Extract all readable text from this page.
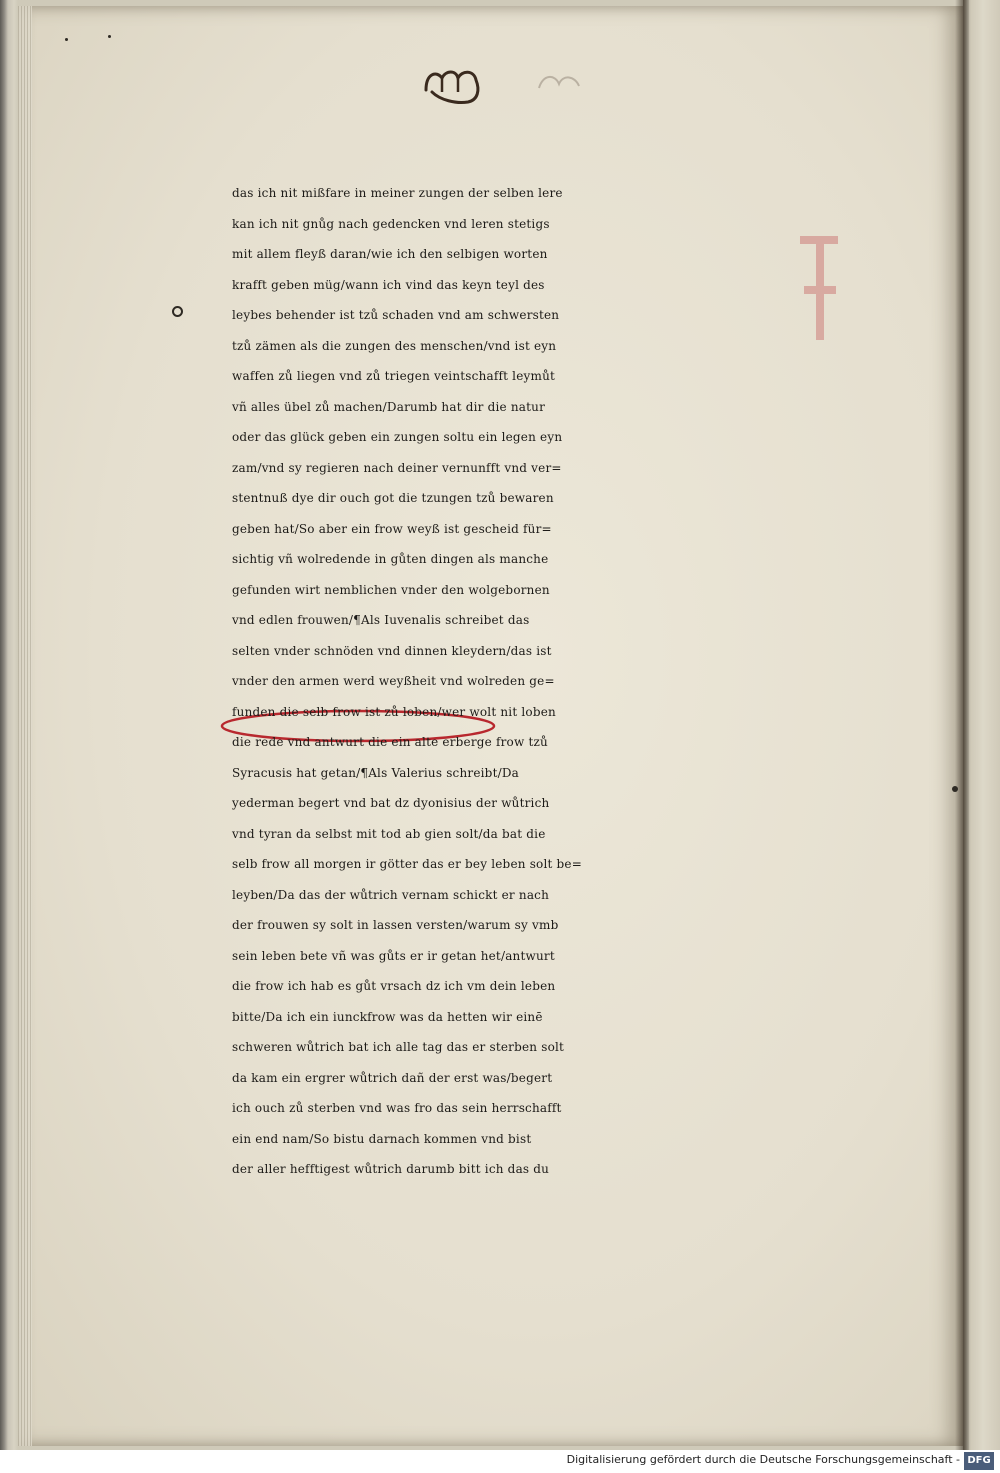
das ich nit mißfare in meiner zungen der selben lere
kan ich nit gnůg nach gedencken vnd leren stetigs
mit allem fleyß daran/wie ich den selbigen worten
krafft geben müg/wann ich vind das keyn teyl des
leybes behender ist tzů schaden vnd am schwersten
tzů zämen als die zungen des menschen/vnd ist eyn
waffen zů liegen vnd zů triegen veintschafft leymůt
vñ alles übel zů machen/Darumb hat dir die natur
oder das glück geben ein zungen soltu ein legen eyn
zam/vnd sy regieren nach deiner vernunfft vnd ver=
stentnuß dye dir ouch got die tzungen tzů bewaren
geben hat/So aber ein frow weyß ist gescheid für=
sichtig vñ wolredende in gůten dingen als manche
gefunden wirt nemblichen vnder den wolgebornen
vnd edlen frouwen/¶Als Iuvenalis schreibet das
selten vnder schnöden vnd dinnen kleydern/das ist
vnder den armen werd weyßheit vnd wolreden ge=
funden die selb frow ist zů loben/wer wolt nit loben
die rede vnd antwurt die ein alte erberge frow tzů
Syracusis hat getan/¶Als Valerius schreibt/Da
yederman begert vnd bat dz dyonisius der wůtrich
vnd tyran da selbst mit tod ab gien solt/da bat die
selb frow all morgen ir götter das er bey leben solt be=
leyben/Da das der wůtrich vernam schickt er nach
der frouwen sy solt in lassen versten/warum sy vmb
sein leben bete vñ was gůts er ir getan het/antwurt
die frow ich hab es gůt vrsach dz ich vm dein leben
bitte/Da ich ein iunckfrow was da hetten wir einē
schweren wůtrich bat ich alle tag das er sterben solt
da kam ein ergrer wůtrich dañ der erst was/begert
ich ouch zů sterben vnd was fro das sein herrschafft
ein end nam/So bistu darnach kommen vnd bist
der aller hefftigest wůtrich darumb bitt ich das du
Digitalisierung gefördert durch die Deutsche Forschungsgemeinschaft - DFG
